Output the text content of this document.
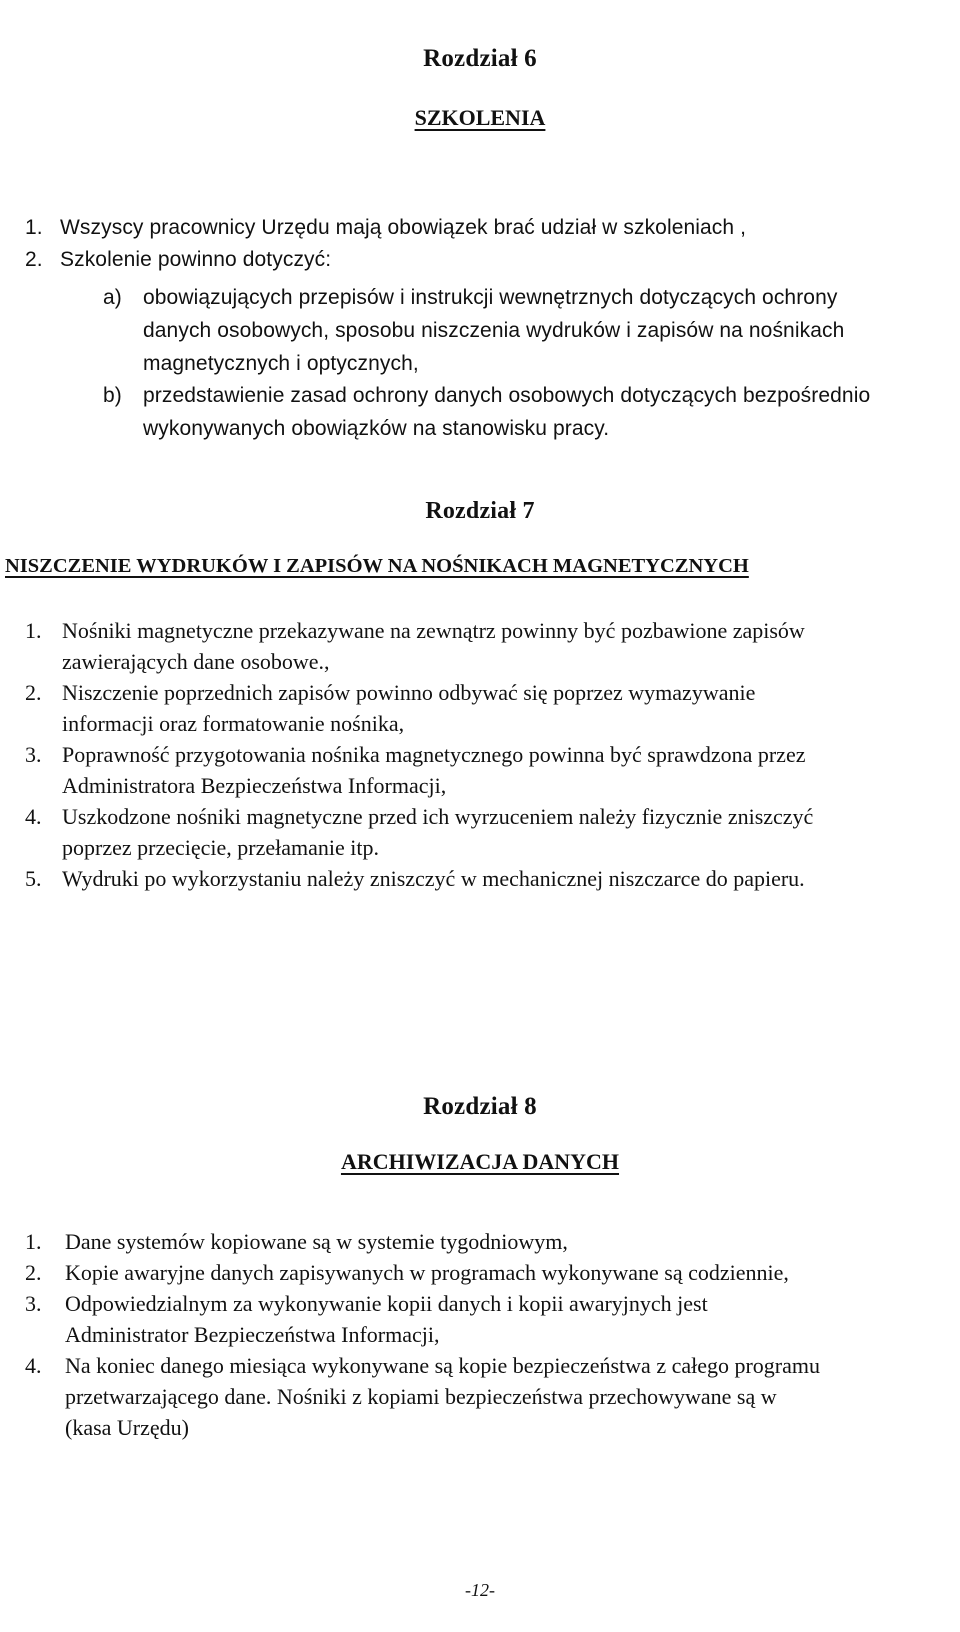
Rozdział 6
SZKOLENIA
1. Wszyscy pracownicy Urzędu mają obowiązek brać udział w szkoleniach ,
2. Szkolenie powinno dotyczyć:
a)	obowiązujących przepisów i instrukcji wewnętrznych dotyczących ochrony
danych osobowych, sposobu niszczenia wydruków i zapisów na nośnikach
magnetycznych i optycznych,
b)	przedstawienie zasad ochrony danych osobowych dotyczących bezpośrednio
wykonywanych obowiązków na stanowisku pracy.
Rozdział 7
NISZCZENIE WYDRUKÓW I ZAPISÓW NA NOŚNIKACH MAGNETYCZNYCH
1. Nośniki magnetyczne przekazywane na zewnątrz powinny być pozbawione zapisów
zawierających dane osobowe.,
2. Niszczenie poprzednich zapisów powinno odbywać się poprzez wymazywanie
informacji oraz formatowanie nośnika,
3. Poprawność przygotowania nośnika magnetycznego powinna być sprawdzona przez
Administratora Bezpieczeństwa Informacji,
4. Uszkodzone nośniki magnetyczne przed ich wyrzuceniem należy fizycznie zniszczyć
poprzez przecięcie, przełamanie itp.
5. Wydruki po wykorzystaniu należy zniszczyć w mechanicznej niszczarce do papieru.
Rozdział 8
ARCHIWIZACJA DANYCH
1.	Dane systemów kopiowane są w systemie tygodniowym,
2.	Kopie awaryjne danych zapisywanych w programach wykonywane są codziennie,
3.	Odpowiedzialnym za wykonywanie kopii danych i kopii awaryjnych jest
Administrator Bezpieczeństwa Informacji,
4.	Na koniec danego miesiąca wykonywane są kopie bezpieczeństwa z całego programu
przetwarzającego dane. Nośniki z kopiami bezpieczeństwa przechowywane są w
(kasa Urzędu)
-12-
